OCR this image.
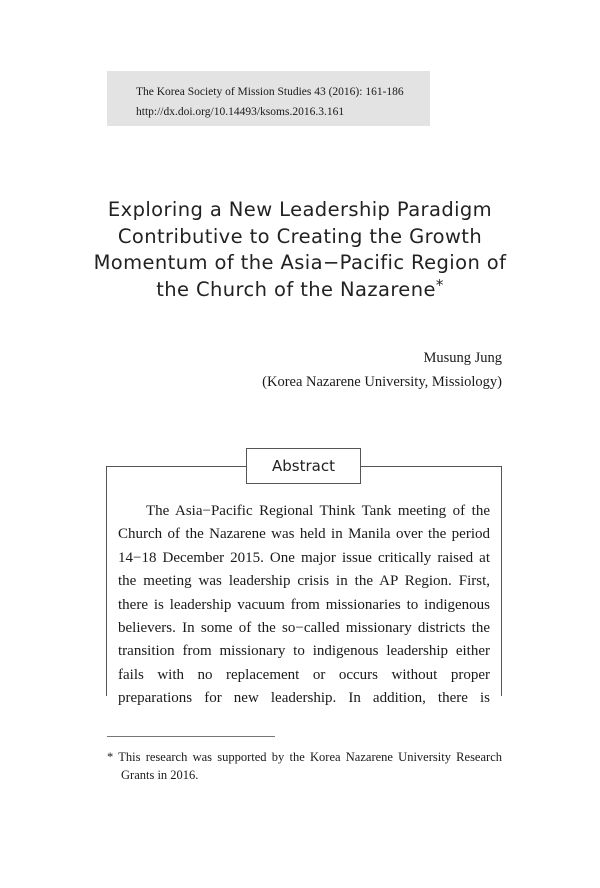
The Korea Society of Mission Studies 43 (2016): 161-186
http://dx.doi.org/10.14493/ksoms.2016.3.161
Exploring a New Leadership Paradigm
Contributive to Creating the Growth
Momentum of the Asia−Pacific Region of
the Church of the Nazarene*
Musung Jung
(Korea Nazarene University, Missiology)
Abstract
The Asia−Pacific Regional Think Tank meeting of the
Church of the Nazarene was held in Manila over the period
14−18 December 2015. One major issue critically raised at
the meeting was leadership crisis in the AP Region. First,
there is leadership vacuum from missionaries to indigenous
believers. In some of the so−called missionary districts the
transition from missionary to indigenous leadership either
fails with no replacement or occurs without proper
preparations for new leadership. In addition, there is
* This research was supported by the Korea Nazarene University Research
Grants in 2016.
